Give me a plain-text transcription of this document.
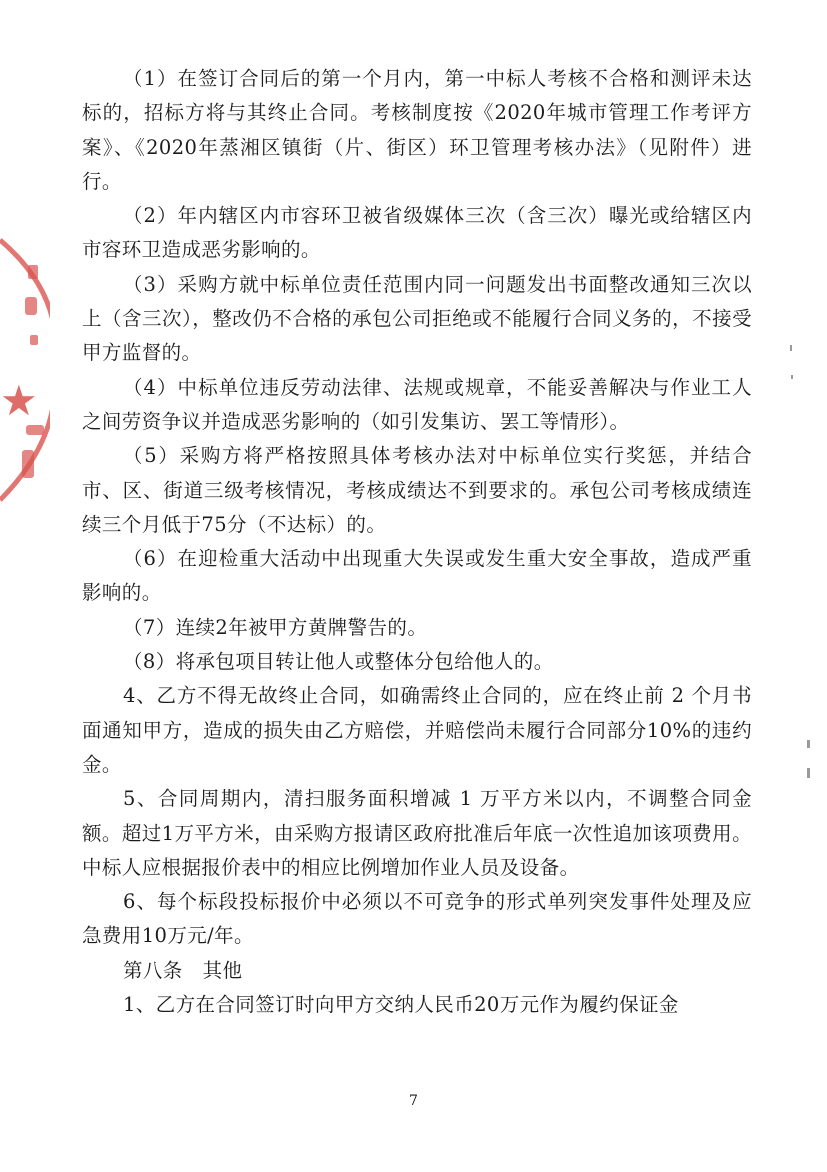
★

（1）在签订合同后的第一个月内，第一中标人考核不合格和测评未达标的，招标方将与其终止合同。考核制度按《2020年城市管理工作考评方案》、《2020年蒸湘区镇街（片、街区）环卫管理考核办法》（见附件）进行。

（2）年内辖区内市容环卫被省级媒体三次（含三次）曝光或给辖区内市容环卫造成恶劣影响的。

（3）采购方就中标单位责任范围内同一问题发出书面整改通知三次以上（含三次），整改仍不合格的承包公司拒绝或不能履行合同义务的，不接受甲方监督的。

（4）中标单位违反劳动法律、法规或规章，不能妥善解决与作业工人之间劳资争议并造成恶劣影响的（如引发集访、罢工等情形）。

（5）采购方将严格按照具体考核办法对中标单位实行奖惩，并结合市、区、街道三级考核情况，考核成绩达不到要求的。承包公司考核成绩连续三个月低于75分（不达标）的。

（6）在迎检重大活动中出现重大失误或发生重大安全事故，造成严重影响的。

（7）连续2年被甲方黄牌警告的。

（8）将承包项目转让他人或整体分包给他人的。

4、乙方不得无故终止合同，如确需终止合同的，应在终止前 2 个月书面通知甲方，造成的损失由乙方赔偿，并赔偿尚未履行合同部分10%的违约金。

5、合同周期内，清扫服务面积增减 1 万平方米以内，不调整合同金额。超过1万平方米，由采购方报请区政府批准后年底一次性追加该项费用。中标人应根据报价表中的相应比例增加作业人员及设备。

6、每个标段投标报价中必须以不可竞争的形式单列突发事件处理及应急费用10万元/年。

第八条　其他

1、乙方在合同签订时向甲方交纳人民币20万元作为履约保证金

7
